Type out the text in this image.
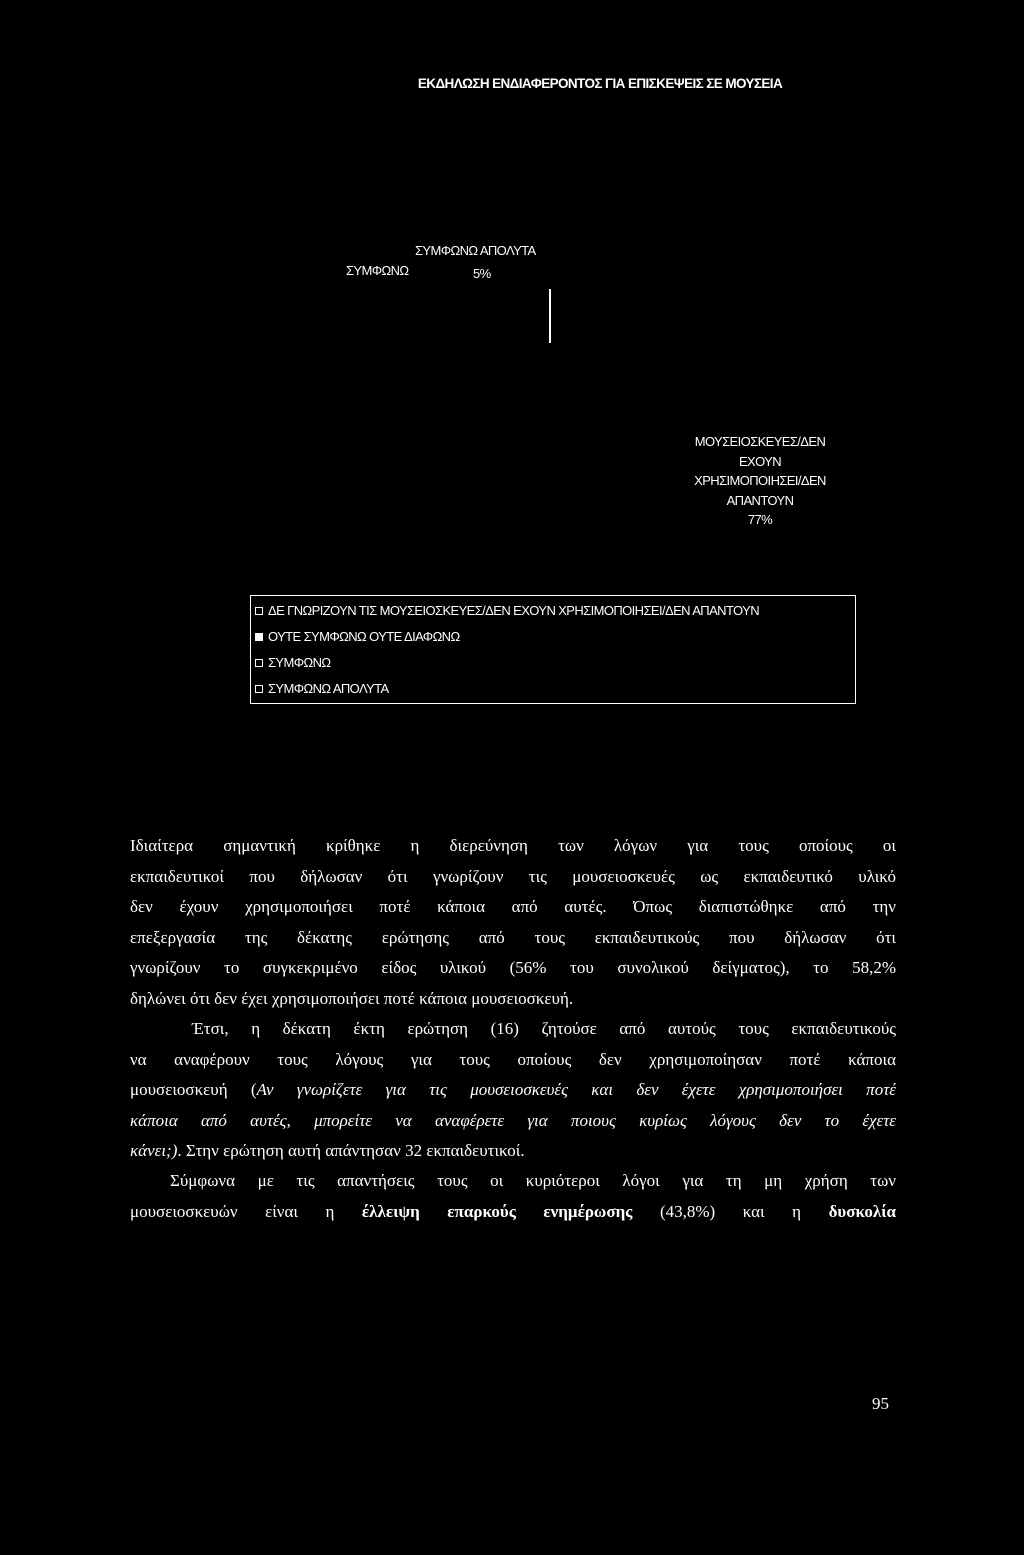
ΕΚΔΗΛΩΣΗ ΕΝΔΙΑΦΕΡΟΝΤΟΣ ΓΙΑ ΕΠΙΣΚΕΨΕΙΣ ΣΕ ΜΟΥΣΕΙΑ
ΣΥΜΦΩΝΩ ΑΠΟΛΥΤΑ
ΣΥΜΦΩΝΩ	5%
ΜΟΥΣΕΙΟΣΚΕΥΕΣ/ΔΕΝ
ΕΧΟΥΝ
ΧΡΗΣΙΜΟΠΟΙΗΣΕΙ/ΔΕΝ
ΑΠΑΝΤΟΥΝ
77%
ΔΕ ΓΝΩΡΙΖΟΥΝ ΤΙΣ ΜΟΥΣΕΙΟΣΚΕΥΕΣ/ΔΕΝ ΕΧΟΥΝ ΧΡΗΣΙΜΟΠΟΙΗΣΕΙ/ΔΕΝ ΑΠΑΝΤΟΥΝ
ΟΥΤΕ ΣΥΜΦΩΝΩ ΟΥΤΕ ΔΙΑΦΩΝΩ
ΣΥΜΦΩΝΩ
ΣΥΜΦΩΝΩ ΑΠΟΛΥΤΑ
Ιδιαίτερα σημαντική κρίθηκε η διερεύνηση των λόγων για τους οποίους οι
εκπαιδευτικοί που δήλωσαν ότι γνωρίζουν τις μουσειοσκευές ως εκπαιδευτικό υλικό
δεν έχουν χρησιμοποιήσει ποτέ κάποια από αυτές. Όπως διαπιστώθηκε από την
επεξεργασία της δέκατης ερώτησης από τους εκπαιδευτικούς που δήλωσαν ότι
γνωρίζουν το συγκεκριμένο είδος υλικού (56% του συνολικού δείγματος), το 58,2%
δηλώνει ότι δεν έχει χρησιμοποιήσει ποτέ κάποια μουσειοσκευή.
Έτσι, η δέκατη έκτη ερώτηση (16) ζητούσε από αυτούς τους εκπαιδευτικούς
να αναφέρουν τους λόγους για τους οποίους δεν χρησιμοποίησαν ποτέ κάποια
μουσειοσκευή (Αν γνωρίζετε για τις μουσειοσκευές και δεν έχετε χρησιμοποιήσει ποτέ
κάποια από αυτές, μπορείτε να αναφέρετε για ποιους κυρίως λόγους δεν το έχετε
κάνει;). Στην ερώτηση αυτή απάντησαν 32 εκπαιδευτικοί.
Σύμφωνα με τις απαντήσεις τους οι κυριότεροι λόγοι για τη μη χρήση των
μουσειοσκευών είναι η έλλειψη επαρκούς ενημέρωσης (43,8%) και η δυσκολία
95
